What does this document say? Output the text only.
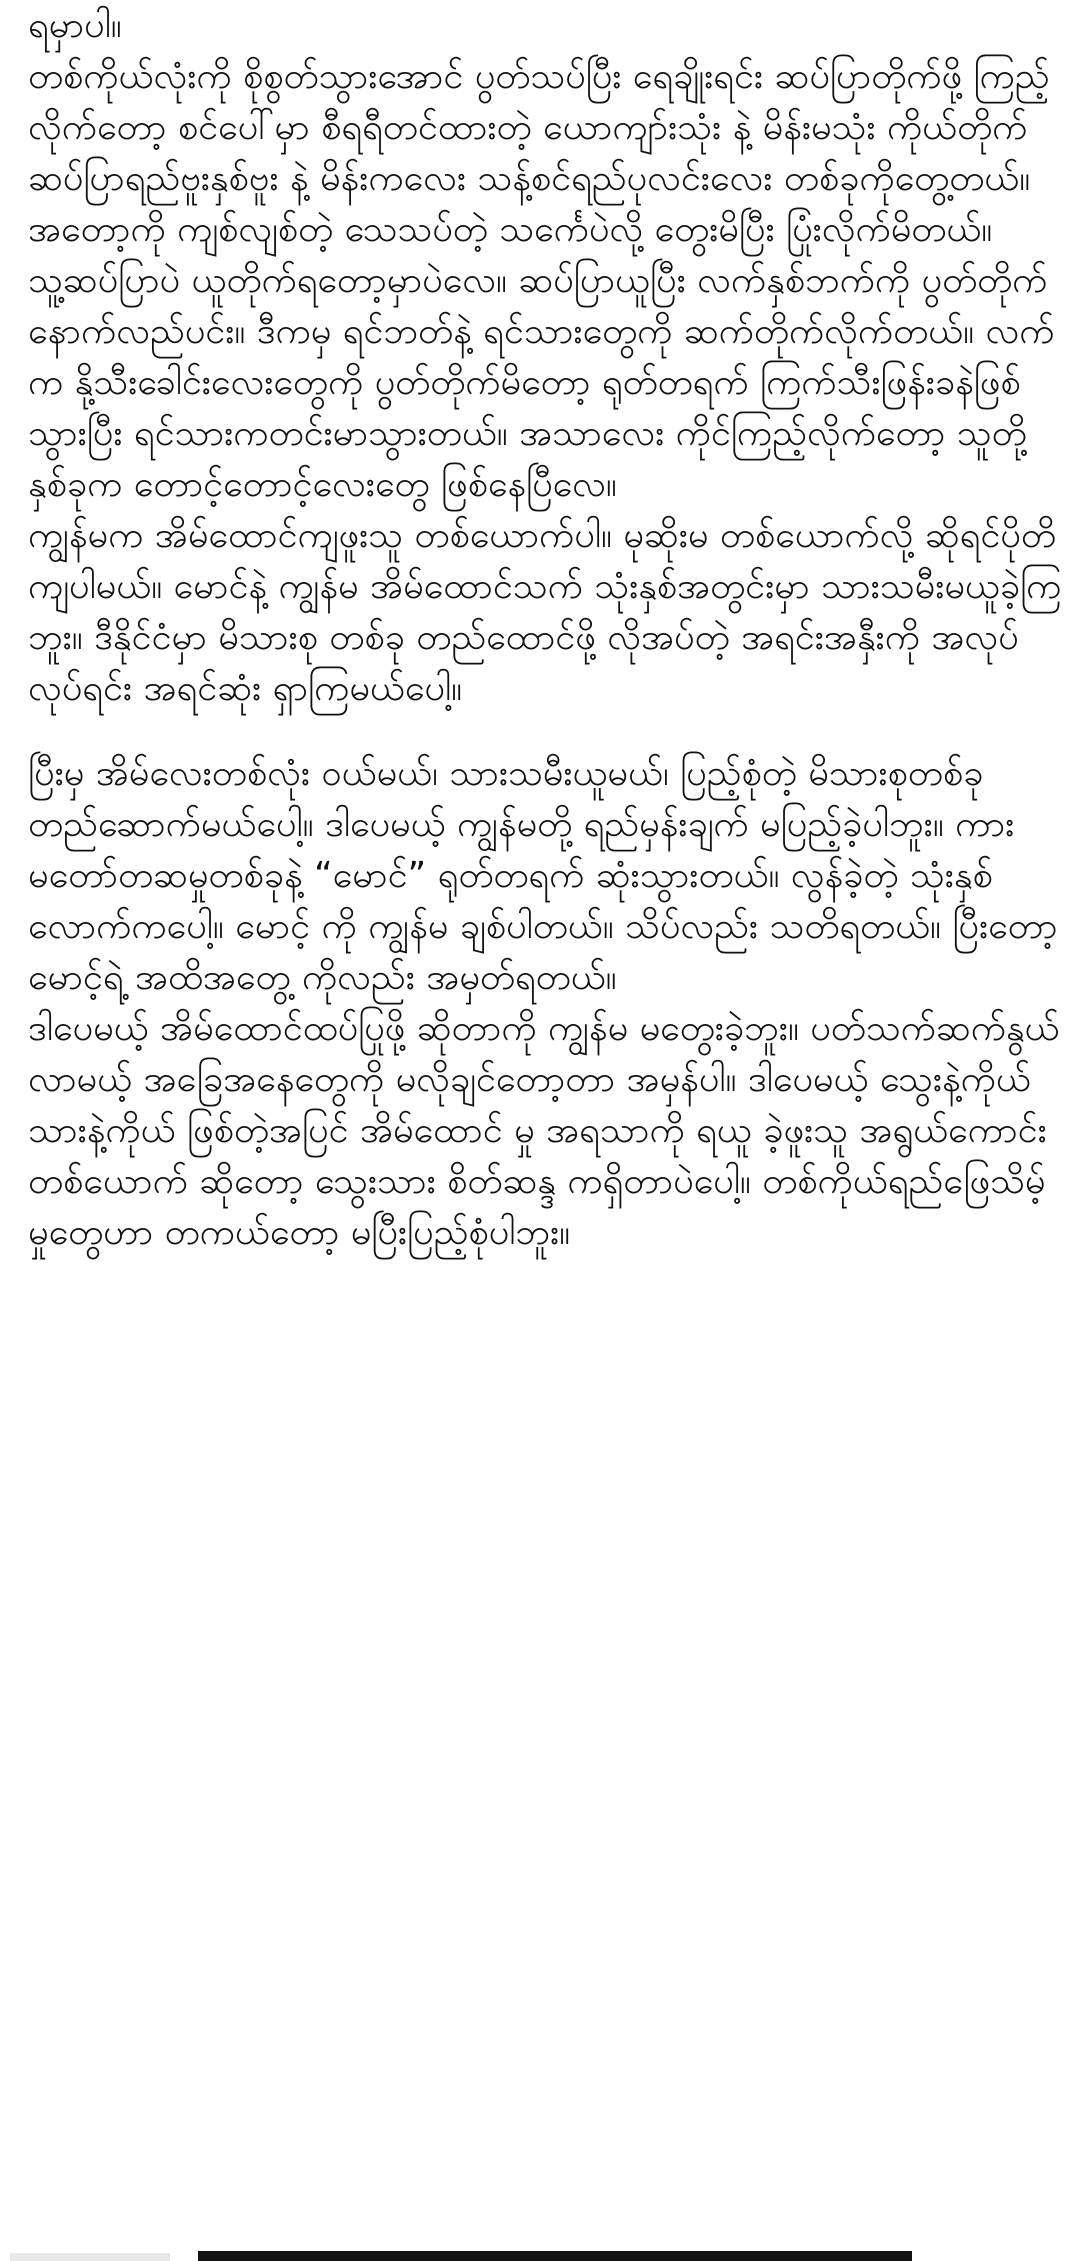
ရမှာပါ။

တစ်ကိုယ်လုံးကို စိုစွတ်သွားအောင် ပွတ်သပ်ပြီး ရေချိုးရင်း ဆပ်ပြာတိုက်ဖို့ ကြည့်လိုက်တော့ စင်ပေါ်မှာ စီရရီတင်ထားတဲ့ ယောကျာ်းသုံး နဲ့ မိန်းမသုံး ကိုယ်တိုက်ဆပ်ပြာရည်ဗူးနှစ်ဗူး နဲ့ မိန်းကလေး သန့်စင်ရည်ပုလင်းလေး တစ်ခုကိုတွေ့တယ်။ အတော့ကို ကျစ်လျစ်တဲ့ သေသပ်တဲ့ သင်္ကေပဲလို့ တွေးမိပြီး ပြုံးလိုက်မိတယ်။

သူ့ဆပ်ပြာပဲ ယူတိုက်ရတော့မှာပဲလေ။ ဆပ်ပြာယူပြီး လက်နှစ်ဘက်ကို ပွတ်တိုက် နောက်လည်ပင်း။ ဒီကမှ ရင်ဘတ်နဲ့ ရင်သားတွေကို ဆက်တိုက်လိုက်တယ်။ လက်က နို့သီးခေါင်းလေးတွေကို ပွတ်တိုက်မိတော့ ရုတ်တရက် ကြက်သီးဖြန်းခနဲဖြစ်သွားပြီး ရင်သားကတင်းမာသွားတယ်။ အသာလေး ကိုင်ကြည့်လိုက်တော့ သူတို့နှစ်ခုက တောင့်တောင့်လေးတွေ ဖြစ်နေပြီလေ။

ကျွန်မက အိမ်ထောင်ကျဖူးသူ တစ်ယောက်ပါ။ မုဆိုးမ တစ်ယောက်လို့ ဆိုရင်ပိုတိကျပါမယ်။ မောင်နဲ့ ကျွန်မ အိမ်ထောင်သက် သုံးနှစ်အတွင်းမှာ သားသမီးမယူခဲ့ကြဘူး။ ဒီနိုင်ငံမှာ မိသားစု တစ်ခု တည်ထောင်ဖို့ လိုအပ်တဲ့ အရင်းအနှီးကို အလုပ်လုပ်ရင်း အရင်ဆုံး ရှာကြမယ်ပေါ့။

ပြီးမှ အိမ်လေးတစ်လုံး ဝယ်မယ်၊ သားသမီးယူမယ်၊ ပြည့်စုံတဲ့ မိသားစုတစ်ခု တည်ဆောက်မယ်ပေါ့။ ဒါပေမယ့် ကျွန်မတို့ ရည်မှန်းချက် မပြည့်ခဲ့ပါဘူး။ ကားမတော်တဆမှုတစ်ခုနဲ့ “မောင်” ရုတ်တရက် ဆုံးသွားတယ်။ လွန်ခဲ့တဲ့ သုံးနှစ်လောက်ကပေါ့။ မောင့် ကို ကျွန်မ ချစ်ပါတယ်။ သိပ်လည်း သတိရတယ်။ ပြီးတော့ မောင့်ရဲ့ အထိအတွေ့ ကိုလည်း အမှတ်ရတယ်။

ဒါပေမယ့် အိမ်ထောင်ထပ်ပြုဖို့ ဆိုတာကို ကျွန်မ မတွေးခဲ့ဘူး။ ပတ်သက်ဆက်နွယ်လာမယ့် အခြေအနေတွေကို မလိုချင်တော့တာ အမှန်ပါ။ ဒါပေမယ့် သွေးနဲ့ကိုယ် သားနဲ့ကိုယ် ဖြစ်တဲ့အပြင် အိမ်ထောင် မှု အရသာကို ရယူ ခဲ့ဖူးသူ အရွယ်ကောင်း တစ်ယောက် ဆိုတော့ သွေးသား စိတ်ဆန္ဒ ကရှိတာပဲပေါ့။ တစ်ကိုယ်ရည်ဖြေသိမ့် မှုတွေဟာ တကယ်တော့ မပြီးပြည့်စုံပါဘူး။
